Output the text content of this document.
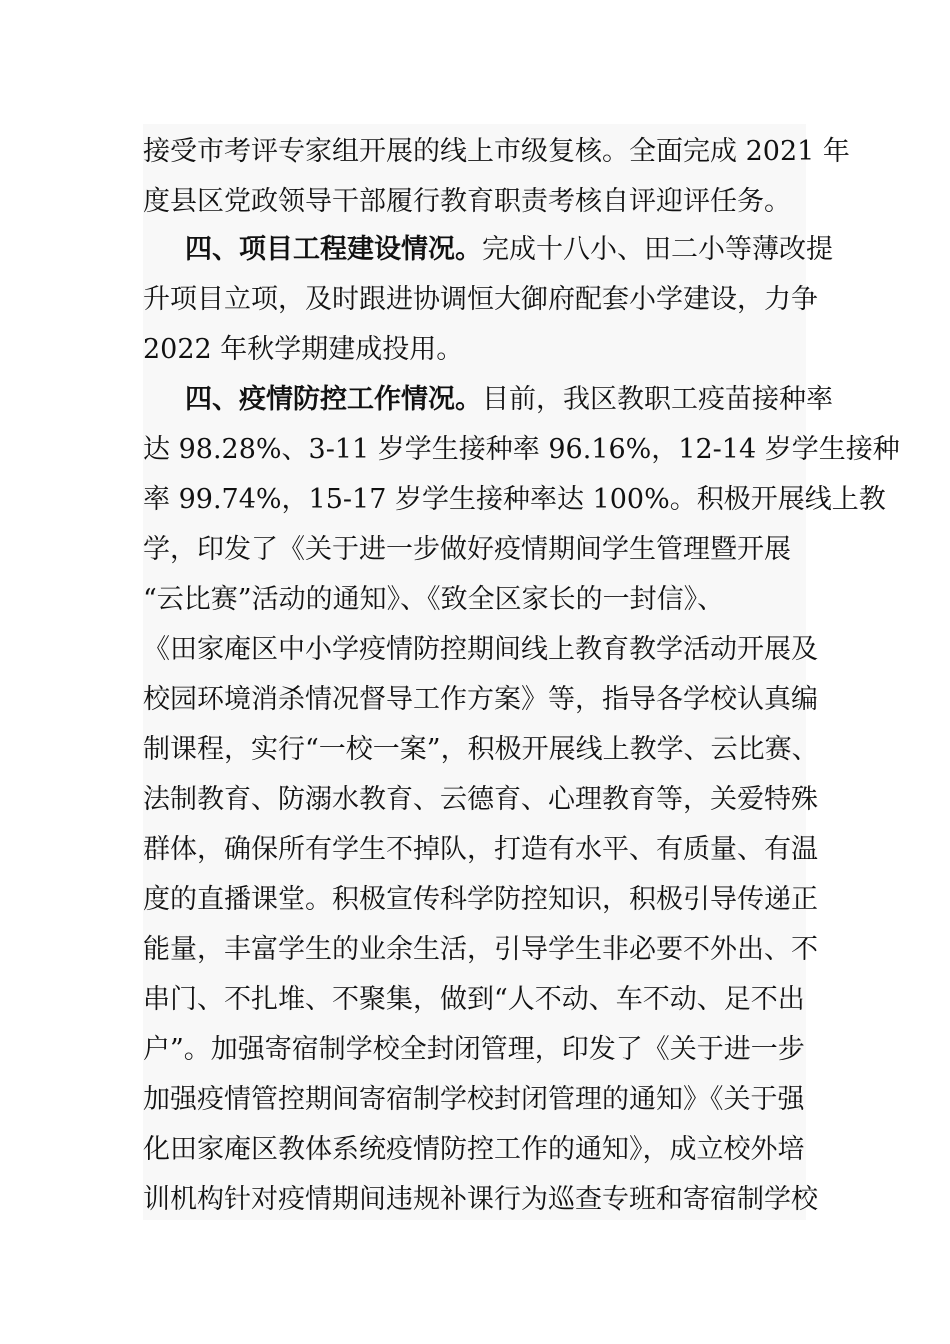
接受市考评专家组开展的线上市级复核。全面完成 2021 年
度县区党政领导干部履行教育职责考核自评迎评任务。
四、项目工程建设情况。完成十八小、田二小等薄改提
升项目立项，及时跟进协调恒大御府配套小学建设，力争
2022 年秋学期建成投用。
四、疫情防控工作情况。目前，我区教职工疫苗接种率
达 98.28%、3-11 岁学生接种率 96.16%，12-14 岁学生接种
率 99.74%，15-17 岁学生接种率达 100%。积极开展线上教
学，印发了《关于进一步做好疫情期间学生管理暨开展
“云比赛”活动的通知》、《致全区家长的一封信》、
《田家庵区中小学疫情防控期间线上教育教学活动开展及
校园环境消杀情况督导工作方案》等，指导各学校认真编
制课程，实行“一校一案”，积极开展线上教学、云比赛、
法制教育、防溺水教育、云德育、心理教育等，关爱特殊
群体，确保所有学生不掉队，打造有水平、有质量、有温
度的直播课堂。积极宣传科学防控知识，积极引导传递正
能量，丰富学生的业余生活，引导学生非必要不外出、不
串门、不扎堆、不聚集，做到“人不动、车不动、足不出
户”。加强寄宿制学校全封闭管理，印发了《关于进一步
加强疫情管控期间寄宿制学校封闭管理的通知》《关于强
化田家庵区教体系统疫情防控工作的通知》，成立校外培
训机构针对疫情期间违规补课行为巡查专班和寄宿制学校
